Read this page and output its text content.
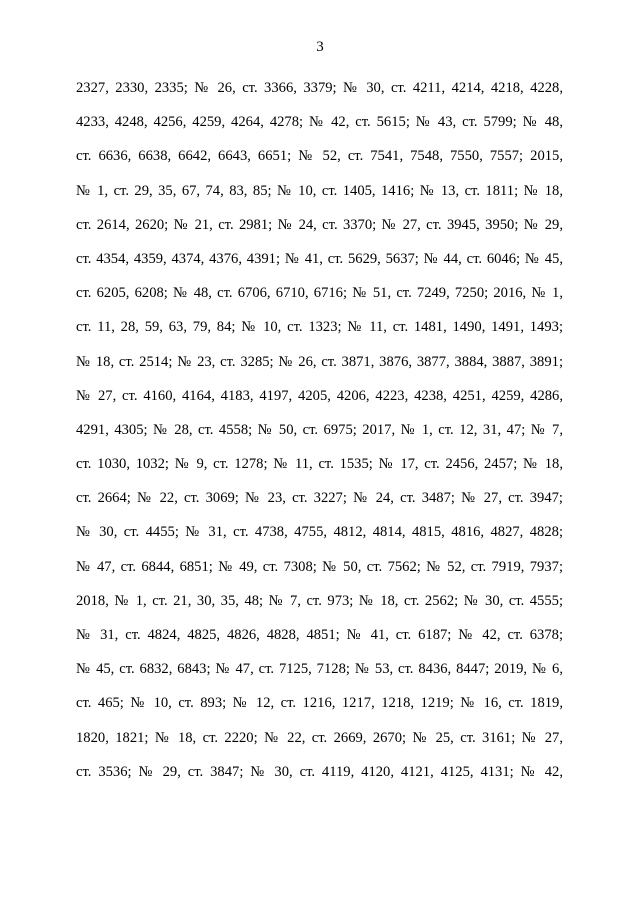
3
2327, 2330, 2335; № 26, ст. 3366, 3379; № 30, ст. 4211, 4214, 4218, 4228,
4233, 4248, 4256, 4259, 4264, 4278; № 42, ст. 5615; № 43, ст. 5799; № 48,
ст. 6636, 6638, 6642, 6643, 6651; № 52, ст. 7541, 7548, 7550, 7557; 2015,
№ 1, ст. 29, 35, 67, 74, 83, 85; № 10, ст. 1405, 1416; № 13, ст. 1811; № 18,
ст. 2614, 2620; № 21, ст. 2981; № 24, ст. 3370; № 27, ст. 3945, 3950; № 29,
ст. 4354, 4359, 4374, 4376, 4391; № 41, ст. 5629, 5637; № 44, ст. 6046; № 45,
ст. 6205, 6208; № 48, ст. 6706, 6710, 6716; № 51, ст. 7249, 7250; 2016, № 1,
ст. 11, 28, 59, 63, 79, 84; № 10, ст. 1323; № 11, ст. 1481, 1490, 1491, 1493;
№ 18, ст. 2514; № 23, ст. 3285; № 26, ст. 3871, 3876, 3877, 3884, 3887, 3891;
№ 27, ст. 4160, 4164, 4183, 4197, 4205, 4206, 4223, 4238, 4251, 4259, 4286,
4291, 4305; № 28, ст. 4558; № 50, ст. 6975; 2017, № 1, ст. 12, 31, 47; № 7,
ст. 1030, 1032; № 9, ст. 1278; № 11, ст. 1535; № 17, ст. 2456, 2457; № 18,
ст. 2664; № 22, ст. 3069; № 23, ст. 3227; № 24, ст. 3487; № 27, ст. 3947;
№ 30, ст. 4455; № 31, ст. 4738, 4755, 4812, 4814, 4815, 4816, 4827, 4828;
№ 47, ст. 6844, 6851; № 49, ст. 7308; № 50, ст. 7562; № 52, ст. 7919, 7937;
2018, № 1, ст. 21, 30, 35, 48; № 7, ст. 973; № 18, ст. 2562; № 30, ст. 4555;
№ 31, ст. 4824, 4825, 4826, 4828, 4851; № 41, ст. 6187; № 42, ст. 6378;
№ 45, ст. 6832, 6843; № 47, ст. 7125, 7128; № 53, ст. 8436, 8447; 2019, № 6,
ст. 465; № 10, ст. 893; № 12, ст. 1216, 1217, 1218, 1219; № 16, ст. 1819,
1820, 1821; № 18, ст. 2220; № 22, ст. 2669, 2670; № 25, ст. 3161; № 27,
ст. 3536; № 29, ст. 3847; № 30, ст. 4119, 4120, 4121, 4125, 4131; № 42,
